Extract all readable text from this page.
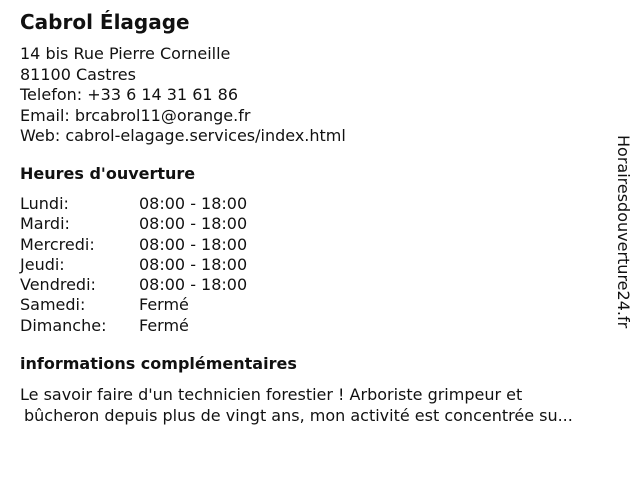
Cabrol Élagage
14 bis Rue Pierre Corneille
81100 Castres
Telefon: +33 6 14 31 61 86
Email: brcabrol11@orange.fr
Web: cabrol-elagage.services/index.html
Heures d'ouverture
Lundi:	08:00 - 18:00
Mardi:	08:00 - 18:00
Mercredi:	08:00 - 18:00
Jeudi:	08:00 - 18:00
Vendredi:	08:00 - 18:00
Samedi:	Fermé
Dimanche: Fermé
informations complémentaires
Le savoir faire d'un technicien forestier ! Arboriste grimpeur et
bûcheron depuis plus de vingt ans, mon activité est concentrée su...
Horairesdouverture24.fr
